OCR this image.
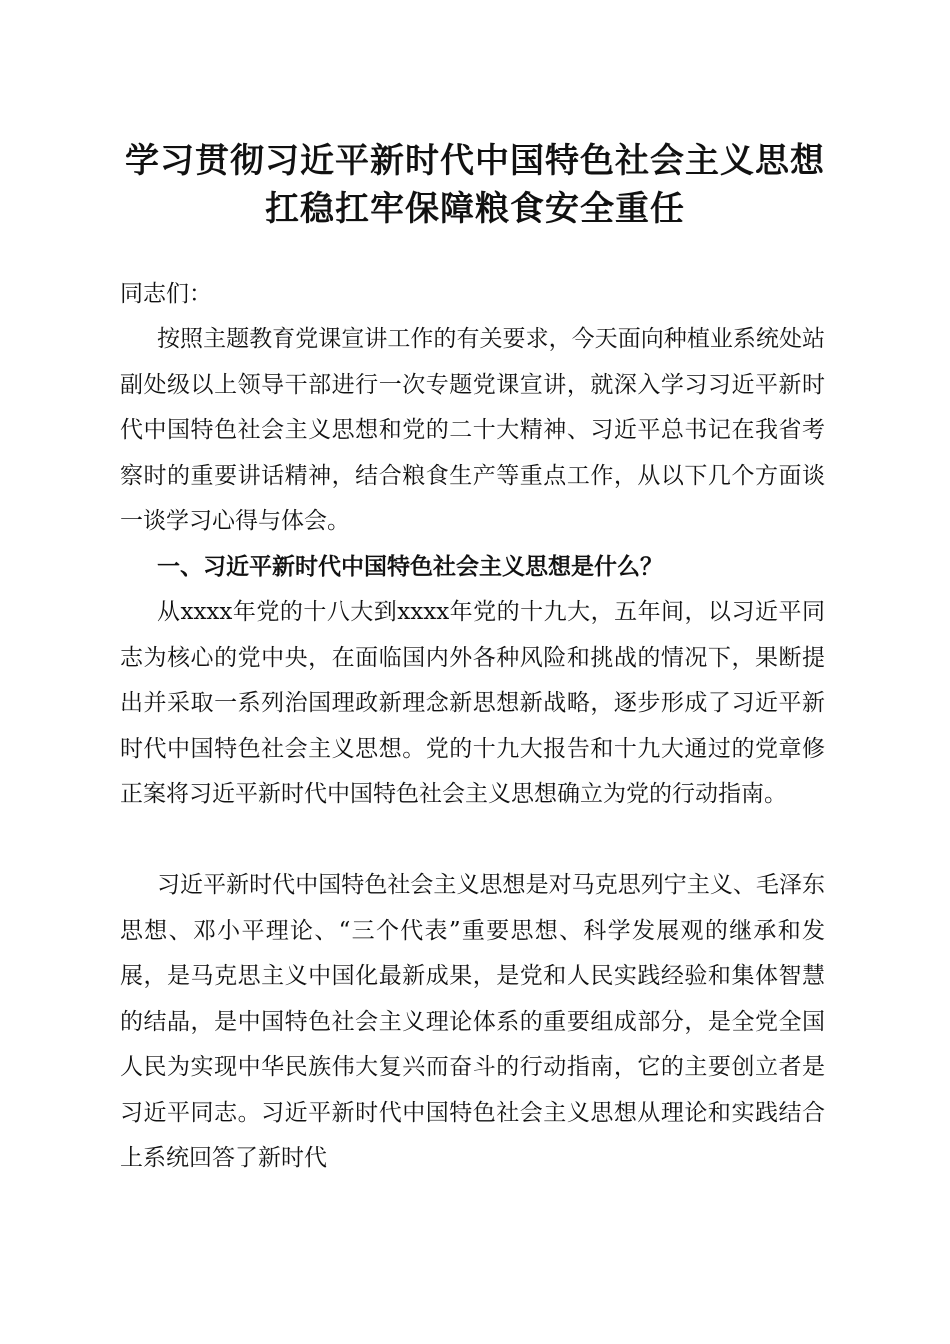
学习贯彻习近平新时代中国特色社会主义思想
扛稳扛牢保障粮食安全重任

同志们：

按照主题教育党课宣讲工作的有关要求，今天面向种植业系统处站副处级以上领导干部进行一次专题党课宣讲，就深入学习习近平新时代中国特色社会主义思想和党的二十大精神、习近平总书记在我省考察时的重要讲话精神，结合粮食生产等重点工作，从以下几个方面谈一谈学习心得与体会。

一、习近平新时代中国特色社会主义思想是什么？

从xxxx年党的十八大到xxxx年党的十九大，五年间，以习近平同志为核心的党中央，在面临国内外各种风险和挑战的情况下，果断提出并采取一系列治国理政新理念新思想新战略，逐步形成了习近平新时代中国特色社会主义思想。党的十九大报告和十九大通过的党章修正案将习近平新时代中国特色社会主义思想确立为党的行动指南。

习近平新时代中国特色社会主义思想是对马克思列宁主义、毛泽东思想、邓小平理论、“三个代表”重要思想、科学发展观的继承和发展，是马克思主义中国化最新成果，是党和人民实践经验和集体智慧的结晶，是中国特色社会主义理论体系的重要组成部分，是全党全国人民为实现中华民族伟大复兴而奋斗的行动指南，它的主要创立者是习近平同志。习近平新时代中国特色社会主义思想从理论和实践结合上系统回答了新时代
